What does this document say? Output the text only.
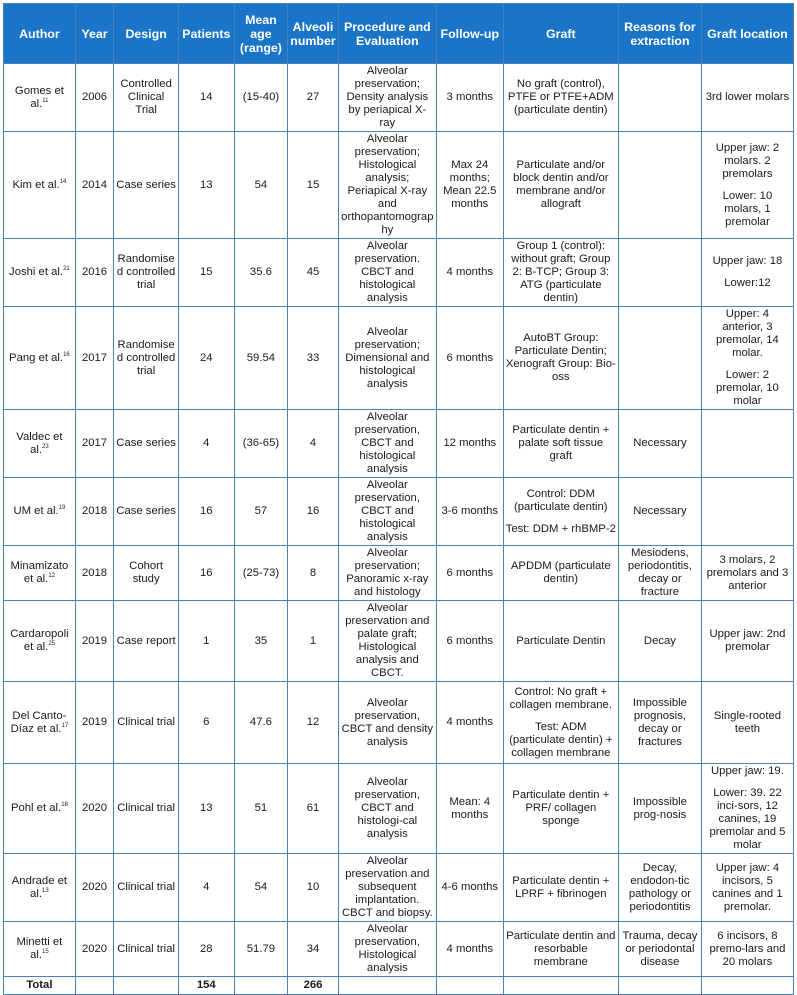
Author	Year	Design	Patients	Mean age (range)	Alveoli number	Procedure and Evaluation	Follow-up	Graft	Reasons for extraction	Graft location
Gomes et al.$^{11}$	2006	Controlled Clinical Trial	14	(15-40)	27	Alveolar preservation; Density analysis by periapical X-ray	3 months	No graft (control), PTFE or PTFE+ADM (particulate dentin)		3rd lower molars
Kim et al.$^{14}$	2014	Case series	13	54	15	Alveolar preservation; Histological analysis; Periapical X-ray and orthopantomography	Max 24 months; Mean 22.5 months	Particulate and/or block dentin and/or membrane and/or allograft		Upper jaw: 2 molars. 2 premolars
Lower: 10 molars, 1 premolar

Joshi et al.$^{21}$	2016	Randomised controlled trial	15	35.6	45	Alveolar preservation. CBCT and histological analysis	4 months	Group 1 (control): without graft; Group 2: B-TCP; Group 3: ATG (particulate dentin)		Upper jaw: 18
Lower:12

Pang et al.$^{16}$	2017	Randomised controlled trial	24	59.54	33	Alveolar preservation; Dimensional and histological analysis	6 months	AutoBT Group: Particulate Dentin; Xenograft Group: Bio-oss		Upper: 4 anterior, 3 premolar, 14 molar.
Lower: 2 premolar, 10 molar

Valdec et al.$^{23}$	2017	Case series	4	(36-65)	4	Alveolar preservation, CBCT and histological analysis	12 months	Particulate dentin + palate soft tissue graft	Necessary	
UM et al.$^{19}$	2018	Case series	16	57	16	Alveolar preservation, CBCT and histological analysis	3-6 months	Control: DDM (particulate dentin)
Test: DDM + rhBMP-2	Necessary	
Minamizato et al.$^{12}$	2018	Cohort study	16	(25-73)	8	Alveolar preservation; Panoramic x-ray and histology	6 months	APDDM (particulate dentin)	Mesiodens, periodontitis, decay or fracture	3 molars, 2 premolars and 3 anterior
Cardaropoli et al.$^{25}$	2019	Case report	1	35	1	Alveolar preservation and palate graft; Histological analysis and CBCT.	6 months	Particulate Dentin	Decay	Upper jaw: 2nd premolar
Del Canto-Díaz et al.$^{17}$	2019	Clinical trial	6	47.6	12	Alveolar preservation, CBCT and density analysis	4 months	Control: No graft + collagen membrane.
Test: ADM (particulate dentin) + collagen membrane	Impossible prognosis, decay or fractures	Single-rooted teeth
Pohl et al.$^{18}$	2020	Clinical trial	13	51	61	Alveolar preservation, CBCT and histologi-cal analysis	Mean: 4 months	Particulate dentin + PRF/ collagen sponge	Impossible prog-nosis	Upper jaw: 19.
Lower: 39. 22 inci-sors, 12 canines, 19 premolar and 5 molar

Andrade et al.$^{13}$	2020	Clinical trial	4	54	10	Alveolar preservation and subsequent implantation. CBCT and biopsy.	4-6 months	Particulate dentin + LPRF + fibrinogen	Decay, endodon-tic pathology or periodontitis	Upper jaw: 4 incisors, 5 canines and 1 premolar.
Minetti et al.$^{15}$	2020	Clinical trial	28	51.79	34	Alveolar preservation, Histological analysis	4 months	Particulate dentin and resorbable membrane	Trauma, decay or periodontal disease	6 incisors, 8 premo-lars and 20 molars
Total			154		266					
